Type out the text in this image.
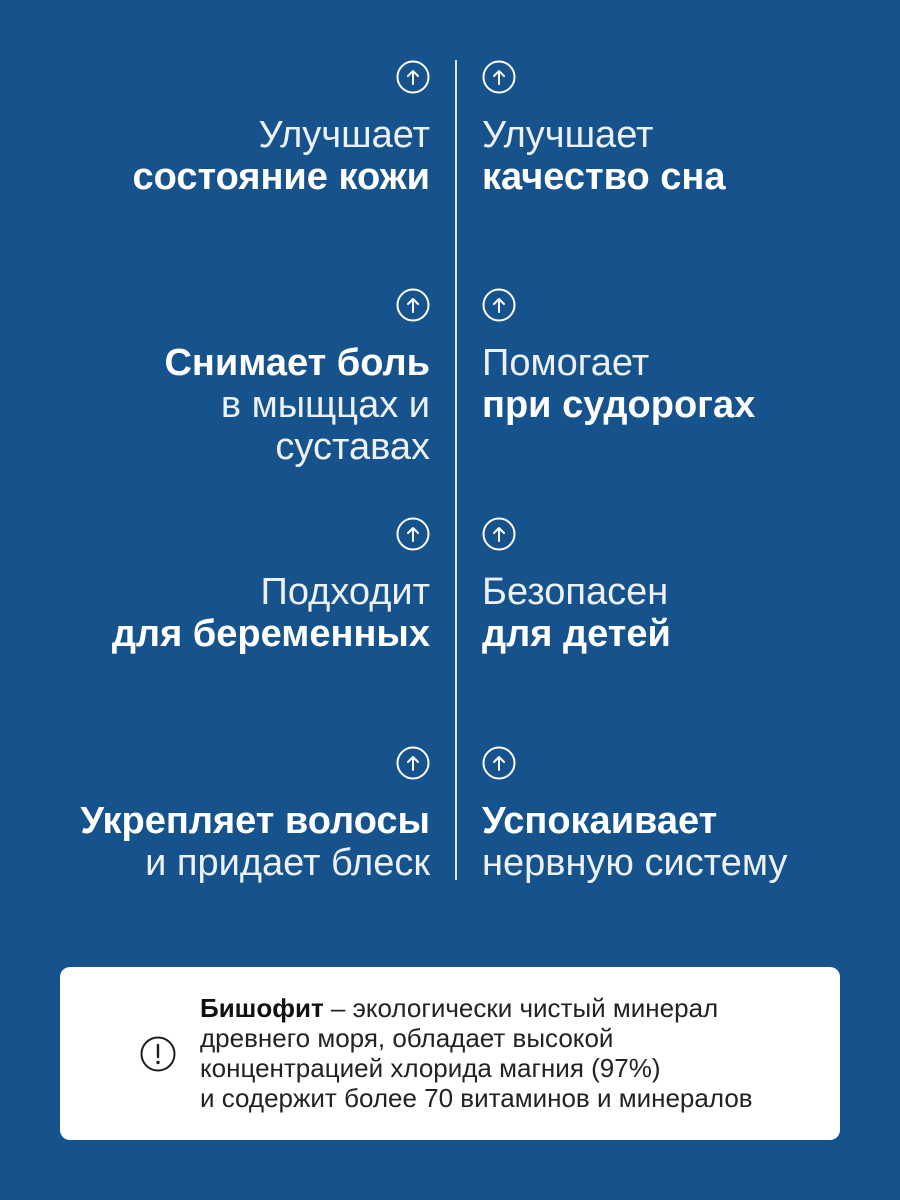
Улучшает
состояние кожи
Улучшает
качество сна
Снимает боль
в мыщцах и
суставах
Помогает
при судорогах
Подходит
для беременных
Безопасен
для детей
Укрепляет волосы
и придает блеск
Успокаивает
нервную систему
Бишофит – экологически чистый минерал
древнего моря, обладает высокой
концентрацией хлорида магния (97%)
и содержит более 70 витаминов и минералов
